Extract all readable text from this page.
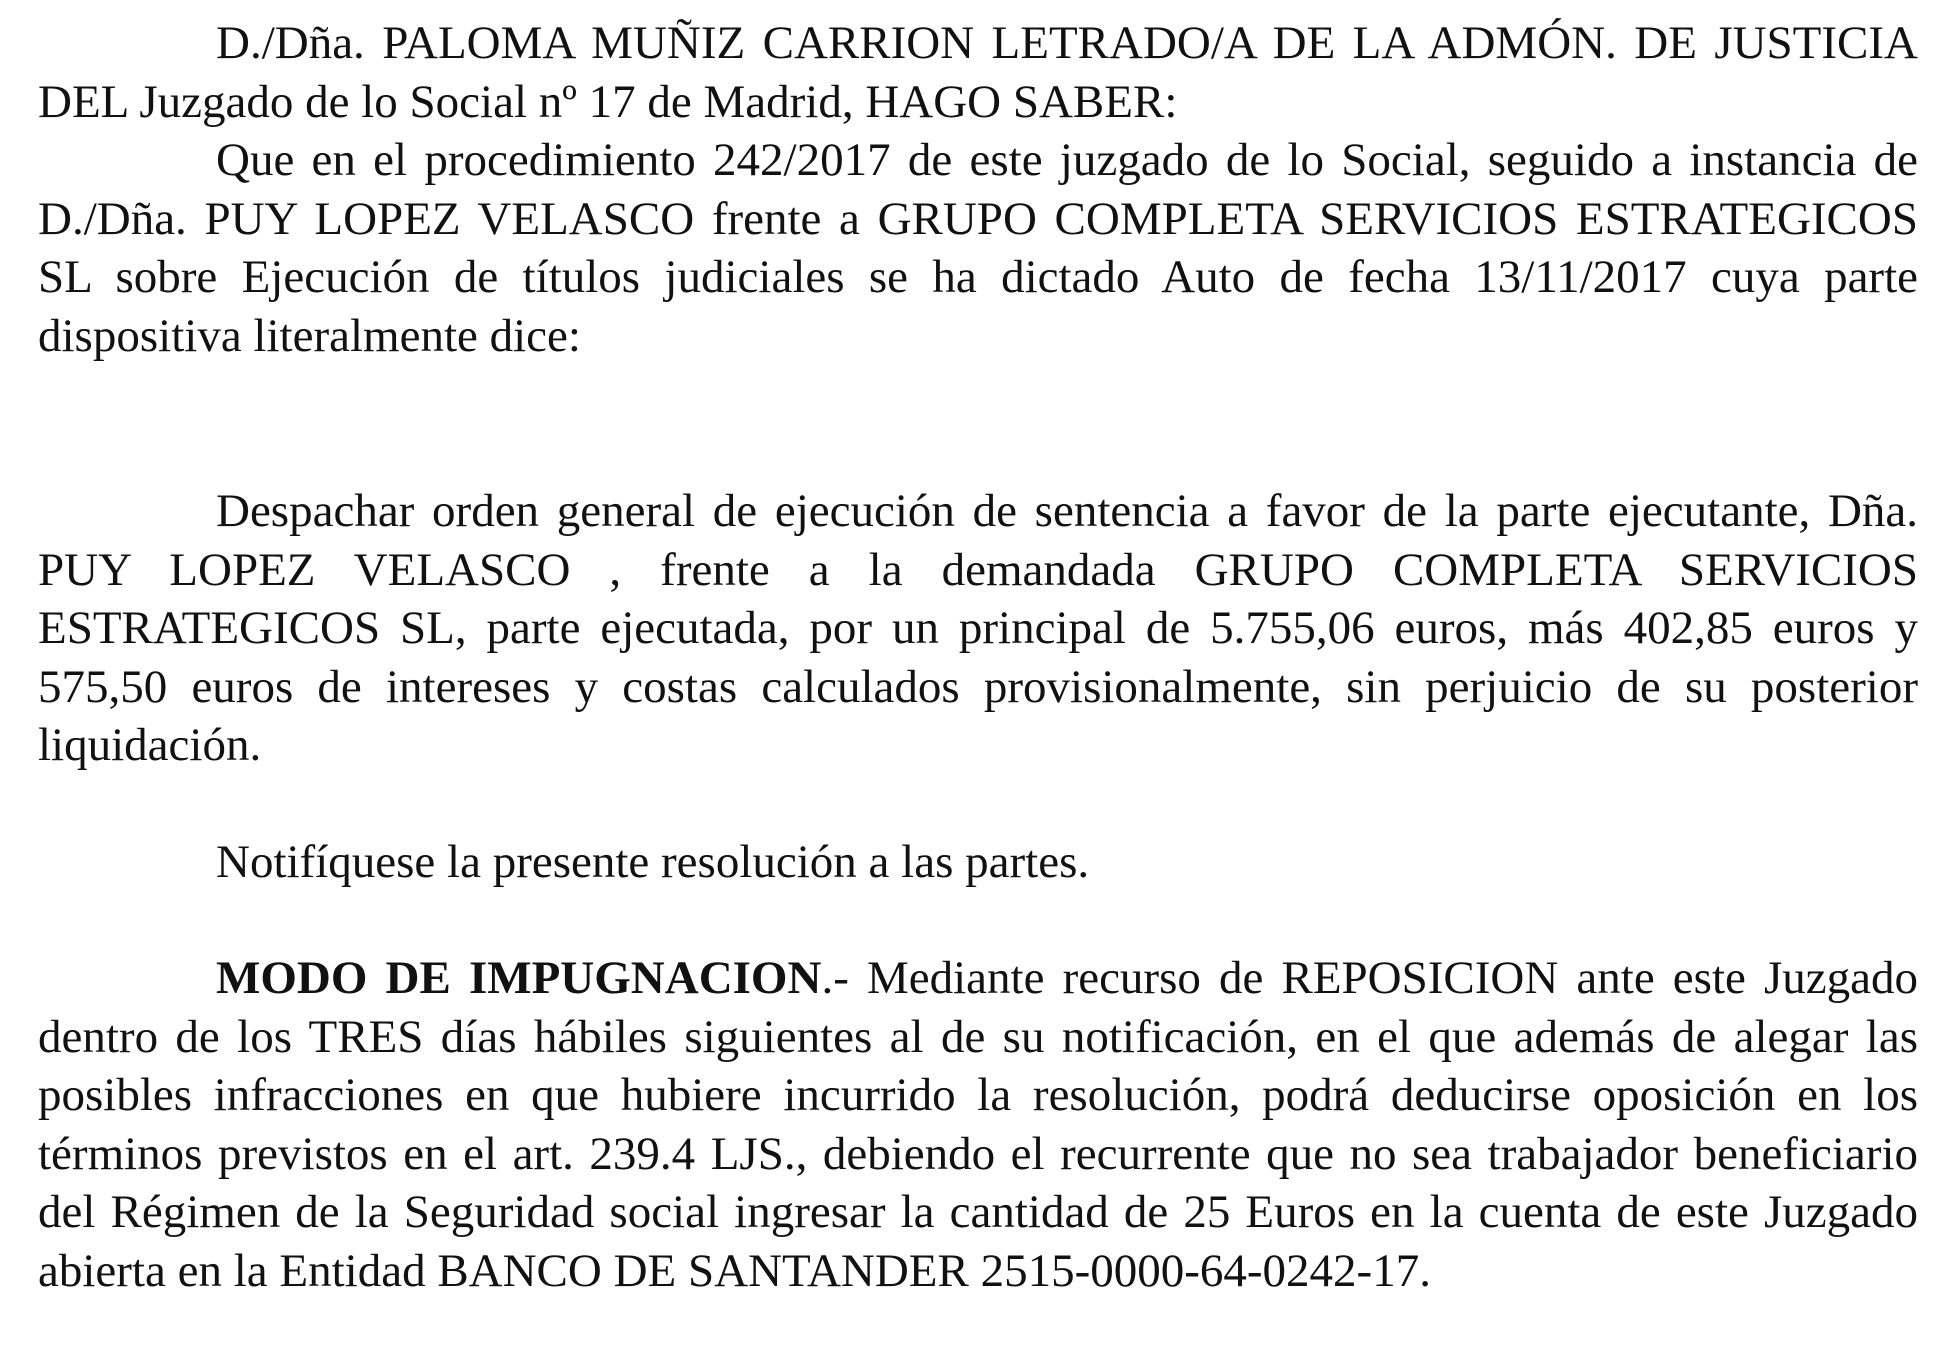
D./Dña. PALOMA MUÑIZ CARRION LETRADO/A DE LA ADMÓN. DE JUSTICIA DEL Juzgado de lo Social nº 17 de Madrid, HAGO SABER:

Que en el procedimiento 242/2017 de este juzgado de lo Social, seguido a instancia de D./Dña. PUY LOPEZ VELASCO frente a GRUPO COMPLETA SERVICIOS ESTRATEGICOS SL sobre Ejecución de títulos judiciales se ha dictado Auto de fecha 13/11/2017 cuya parte dispositiva literalmente dice:

Despachar orden general de ejecución de sentencia a favor de la parte ejecutante, Dña. PUY LOPEZ VELASCO , frente a la demandada GRUPO COMPLETA SERVICIOS ESTRATEGICOS SL, parte ejecutada, por un principal de 5.755,06 euros, más 402,85 euros y 575,50 euros de intereses y costas calculados provisionalmente, sin perjuicio de su posterior liquidación.

Notifíquese la presente resolución a las partes.

MODO DE IMPUGNACION.- Mediante recurso de REPOSICION ante este Juzgado dentro de los TRES días hábiles siguientes al de su notificación, en el que además de alegar las posibles infracciones en que hubiere incurrido la resolución, podrá deducirse oposición en los términos previstos en el art. 239.4 LJS., debiendo el recurrente que no sea trabajador beneficiario del Régimen de la Seguridad social ingresar la cantidad de 25 Euros en la cuenta de este Juzgado abierta en la Entidad BANCO DE SANTANDER 2515-0000-64-0242-17.
